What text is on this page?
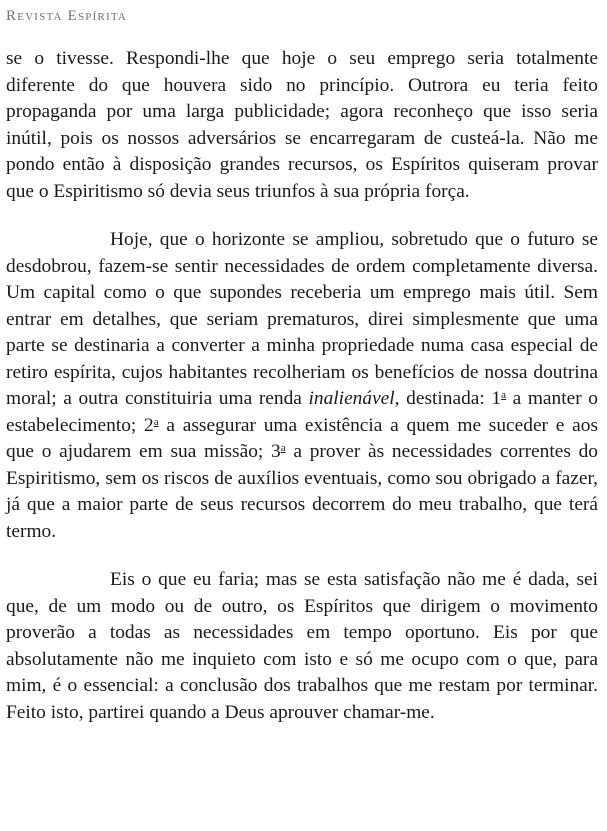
Revista Espírita

se o tivesse. Respondi-lhe que hoje o seu emprego seria totalmente diferente do que houvera sido no princípio. Outrora eu teria feito propaganda por uma larga publicidade; agora reconheço que isso seria inútil, pois os nossos adversários se encarregaram de custeá-la. Não me pondo então à disposição grandes recursos, os Espíritos quiseram provar que o Espiritismo só devia seus triunfos à sua própria força.

Hoje, que o horizonte se ampliou, sobretudo que o futuro se desdobrou, fazem-se sentir necessidades de ordem completamente diversa. Um capital como o que supondes receberia um emprego mais útil. Sem entrar em detalhes, que seriam prematuros, direi simplesmente que uma parte se destinaria a converter a minha propriedade numa casa especial de retiro espírita, cujos habitantes recolheriam os benefícios de nossa doutrina moral; a outra constituiria uma renda inalienável, destinada: 1$^a$ a manter o estabelecimento; 2$^a$ a assegurar uma existência a quem me suceder e aos que o ajudarem em sua missão; 3$^a$ a prover às necessidades correntes do Espiritismo, sem os riscos de auxílios eventuais, como sou obrigado a fazer, já que a maior parte de seus recursos decorrem do meu trabalho, que terá termo.

Eis o que eu faria; mas se esta satisfação não me é dada, sei que, de um modo ou de outro, os Espíritos que dirigem o movimento proverão a todas as necessidades em tempo oportuno. Eis por que absolutamente não me inquieto com isto e só me ocupo com o que, para mim, é o essencial: a conclusão dos trabalhos que me restam por terminar. Feito isto, partirei quando a Deus aprouver chamar-me.
